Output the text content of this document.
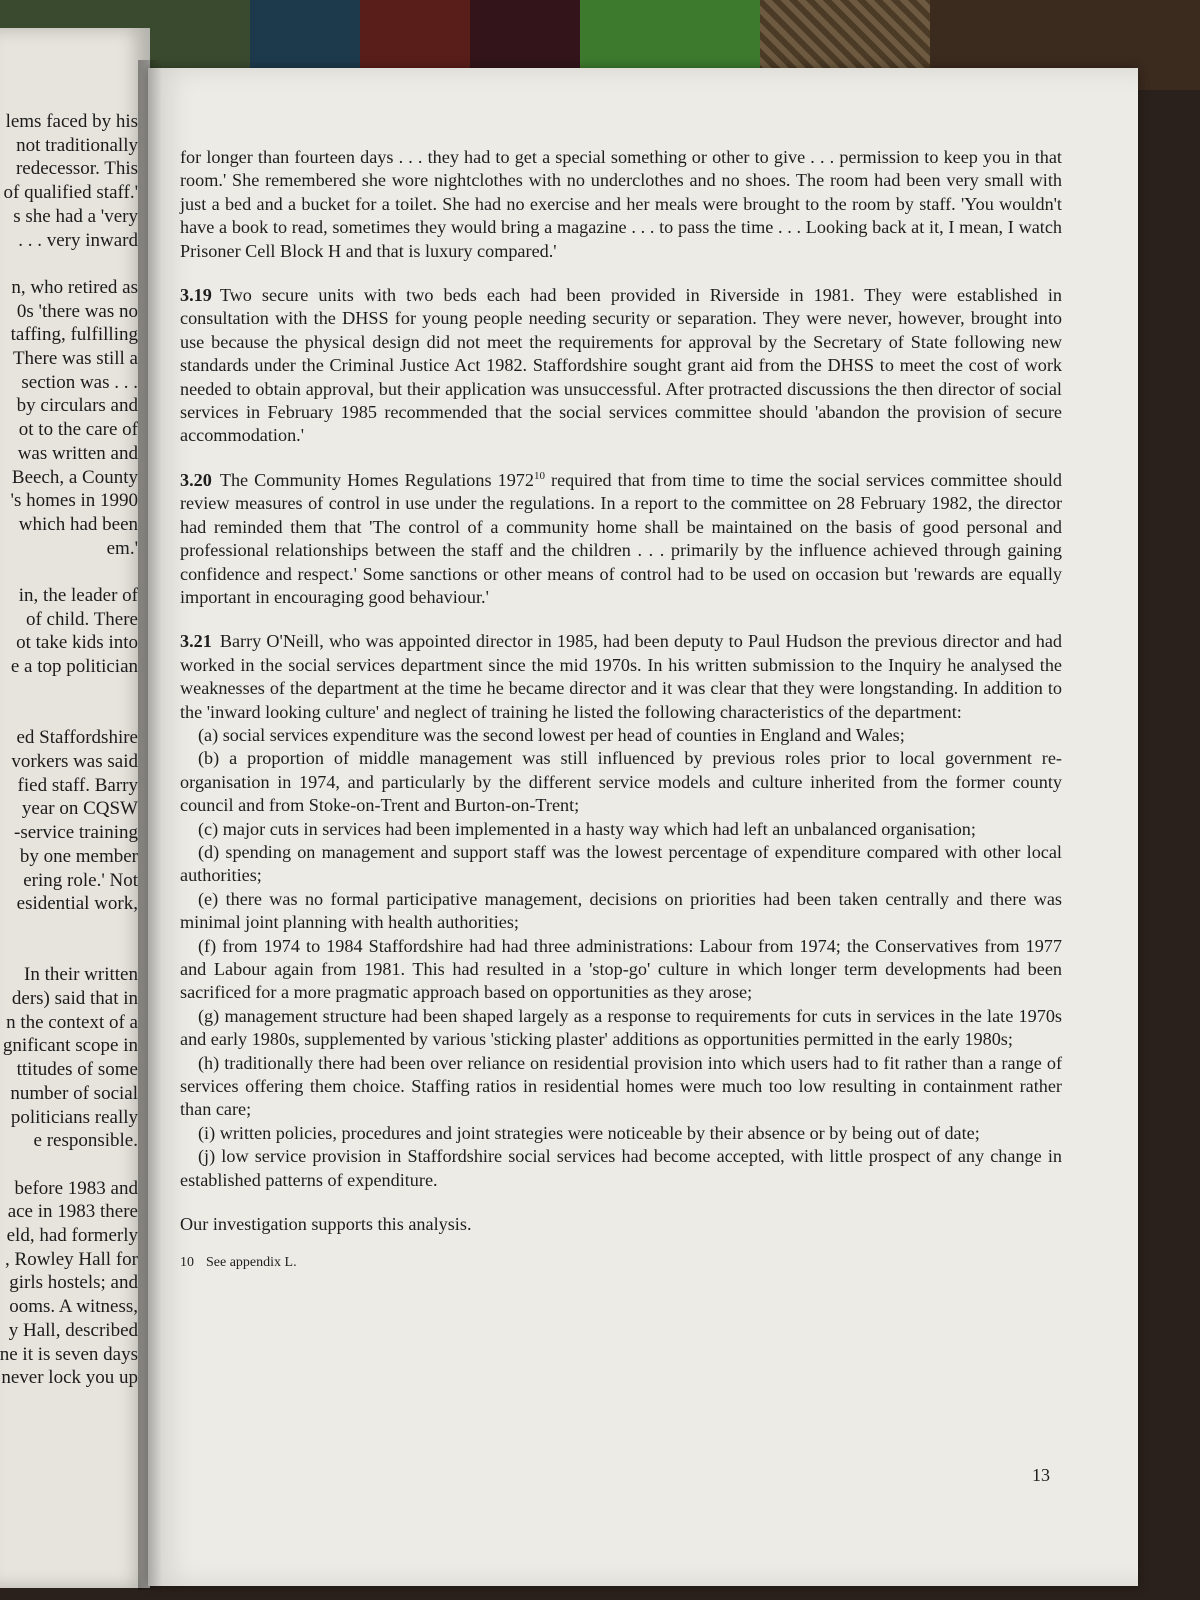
lems faced by his
not traditionally
redecessor. This
of qualified staff.'
s she had a 'very
. . . very inward

n, who retired as
0s 'there was no
taffing, fulfilling
There was still a
section was . . .
by circulars and
ot to the care of
was written and
Beech, a County
's homes in 1990
which had been
em.'

in, the leader of
of child. There
ot take kids into
e a top politician

ed Staffordshire
vorkers was said
fied staff. Barry
year on CQSW
-service training
by one member
ering role.' Not
esidential work,

In their written
ders) said that in
n the context of a
gnificant scope in
ttitudes of some
number of social
politicians really
e responsible.

before 1983 and
ace in 1983 there
eld, had formerly
, Rowley Hall for
girls hostels; and
ooms. A witness,
y Hall, described
ne it is seven days
never lock you up

for longer than fourteen days . . . they had to get a special something or other to give . . . permission to keep you in that room.' She remembered she wore nightclothes with no underclothes and no shoes. The room had been very small with just a bed and a bucket for a toilet. She had no exercise and her meals were brought to the room by staff. 'You wouldn't have a book to read, sometimes they would bring a magazine . . . to pass the time . . . Looking back at it, I mean, I watch Prisoner Cell Block H and that is luxury compared.'

3.19 Two secure units with two beds each had been provided in Riverside in 1981. They were established in consultation with the DHSS for young people needing security or separation. They were never, however, brought into use because the physical design did not meet the requirements for approval by the Secretary of State following new standards under the Criminal Justice Act 1982. Staffordshire sought grant aid from the DHSS to meet the cost of work needed to obtain approval, but their application was unsuccessful. After protracted discussions the then director of social services in February 1985 recommended that the social services committee should 'abandon the provision of secure accommodation.'

3.20 The Community Homes Regulations 1972$^{10}$ required that from time to time the social services committee should review measures of control in use under the regulations. In a report to the committee on 28 February 1982, the director had reminded them that 'The control of a community home shall be maintained on the basis of good personal and professional relationships between the staff and the children . . . primarily by the influence achieved through gaining confidence and respect.' Some sanctions or other means of control had to be used on occasion but 'rewards are equally important in encouraging good behaviour.'

3.21 Barry O'Neill, who was appointed director in 1985, had been deputy to Paul Hudson the previous director and had worked in the social services department since the mid 1970s. In his written submission to the Inquiry he analysed the weaknesses of the department at the time he became director and it was clear that they were longstanding. In addition to the 'inward looking culture' and neglect of training he listed the following characteristics of the department:

(a) social services expenditure was the second lowest per head of counties in England and Wales;

(b) a proportion of middle management was still influenced by previous roles prior to local government re-organisation in 1974, and particularly by the different service models and culture inherited from the former county council and from Stoke-on-Trent and Burton-on-Trent;

(c) major cuts in services had been implemented in a hasty way which had left an unbalanced organisation;

(d) spending on management and support staff was the lowest percentage of expenditure compared with other local authorities;

(e) there was no formal participative management, decisions on priorities had been taken centrally and there was minimal joint planning with health authorities;

(f) from 1974 to 1984 Staffordshire had had three administrations: Labour from 1974; the Conservatives from 1977 and Labour again from 1981. This had resulted in a 'stop-go' culture in which longer term developments had been sacrificed for a more pragmatic approach based on opportunities as they arose;

(g) management structure had been shaped largely as a response to requirements for cuts in services in the late 1970s and early 1980s, supplemented by various 'sticking plaster' additions as opportunities permitted in the early 1980s;

(h) traditionally there had been over reliance on residential provision into which users had to fit rather than a range of services offering them choice. Staffing ratios in residential homes were much too low resulting in containment rather than care;

(i) written policies, procedures and joint strategies were noticeable by their absence or by being out of date;

(j) low service provision in Staffordshire social services had become accepted, with little prospect of any change in established patterns of expenditure.

Our investigation supports this analysis.

10 See appendix L.

13
